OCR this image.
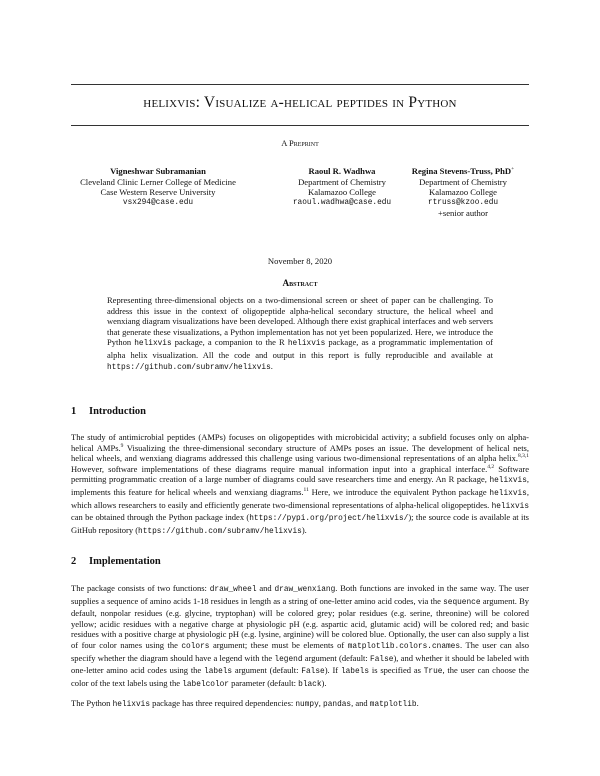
helixvis: Visualize α-helical peptides in Python
A Preprint
Vigneshwar Subramanian
Cleveland Clinic Lerner College of Medicine
Case Western Reserve University
vsx294@case.edu
Raoul R. Wadhwa
Department of Chemistry
Kalamazoo College
raoul.wadhwa@case.edu
Regina Stevens-Truss, PhD+
Department of Chemistry
Kalamazoo College
rtruss@kzoo.edu
+senior author
November 8, 2020
Abstract
Representing three-dimensional objects on a two-dimensional screen or sheet of paper can be challenging. To address this issue in the context of oligopeptide alpha-helical secondary structure, the helical wheel and wenxiang diagram visualizations have been developed. Although there exist graphical interfaces and web servers that generate these visualizations, a Python implementation has not yet been popularized. Here, we introduce the Python helixvis package, a companion to the R helixvis package, as a programmatic implementation of alpha helix visualization. All the code and output in this report is fully reproducible and available at https://github.com/subramv/helixvis.
1 Introduction
The study of antimicrobial peptides (AMPs) focuses on oligopeptides with microbicidal activity; a subfield focuses only on alpha-helical AMPs.$^9$ Visualizing the three-dimensional secondary structure of AMPs poses an issue. The development of helical nets, helical wheels, and wenxiang diagrams addressed this challenge using various two-dimensional representations of an alpha helix.$^{8,3,1}$ However, software implementations of these diagrams require manual information input into a graphical interface.$^{4,2}$ Software permitting programmatic creation of a large number of diagrams could save researchers time and energy. An R package, helixvis, implements this feature for helical wheels and wenxiang diagrams.$^{11}$ Here, we introduce the equivalent Python package helixvis, which allows researchers to easily and efficiently generate two-dimensional representations of alpha-helical oligopeptides. helixvis can be obtained through the Python package index (https://pypi.org/project/helixvis/); the source code is available at its GitHub repository (https://github.com/subramv/helixvis).
2 Implementation
The package consists of two functions: draw_wheel and draw_wenxiang. Both functions are invoked in the same way. The user supplies a sequence of amino acids 1-18 residues in length as a string of one-letter amino acid codes, via the sequence argument. By default, nonpolar residues (e.g. glycine, tryptophan) will be colored grey; polar residues (e.g. serine, threonine) will be colored yellow; acidic residues with a negative charge at physiologic pH (e.g. aspartic acid, glutamic acid) will be colored red; and basic residues with a positive charge at physiologic pH (e.g. lysine, arginine) will be colored blue. Optionally, the user can also supply a list of four color names using the colors argument; these must be elements of matplotlib.colors.cnames. The user can also specify whether the diagram should have a legend with the legend argument (default: False), and whether it should be labeled with one-letter amino acid codes using the labels argument (default: False). If labels is specified as True, the user can choose the color of the text labels using the labelcolor parameter (default: black).
The Python helixvis package has three required dependencies: numpy, pandas, and matplotlib.
